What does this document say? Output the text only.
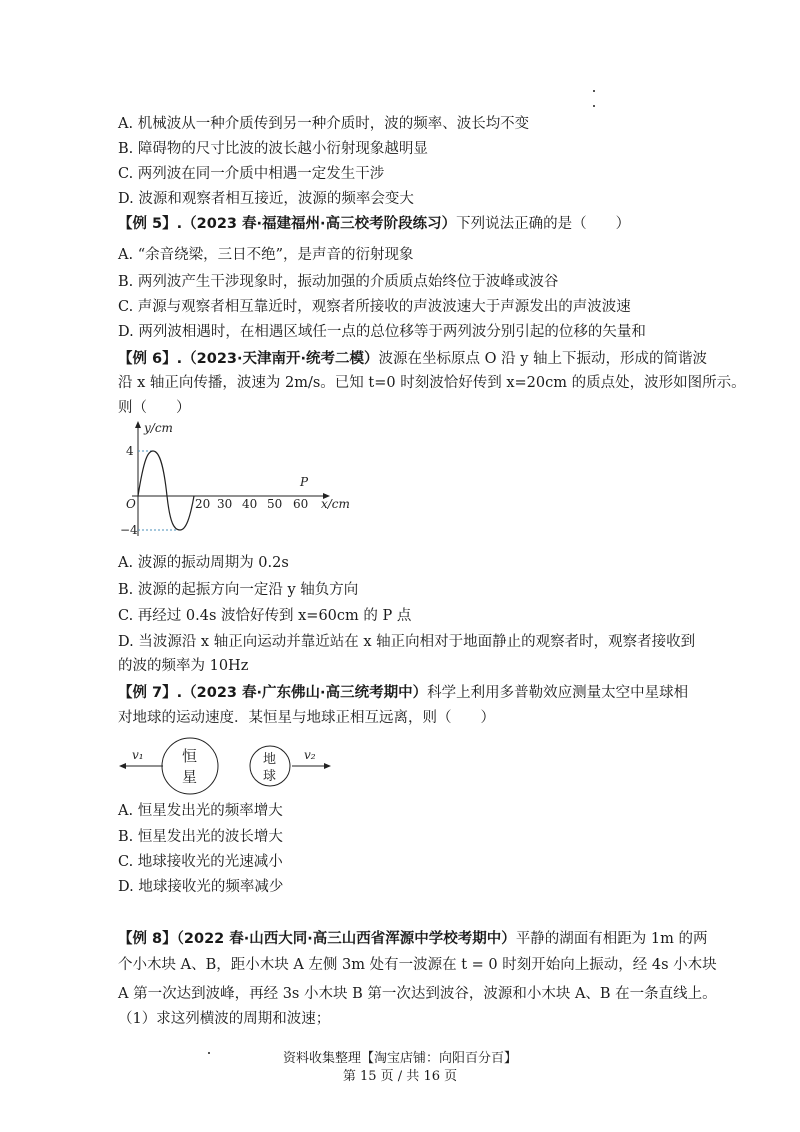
A. 机械波从一种介质传到另一种介质时，波的频率、波长均不变
B. 障碍物的尺寸比波的波长越小衍射现象越明显
C. 两列波在同一介质中相遇一定发生干涉
D. 波源和观察者相互接近，波源的频率会变大
【例 5】.（2023 春·福建福州·高三校考阶段练习）下列说法正确的是（　　）
A. “余音绕梁，三日不绝”，是声音的衍射现象
B. 两列波产生干涉现象时，振动加强的介质质点始终位于波峰或波谷
C. 声源与观察者相互靠近时，观察者所接收的声波波速大于声源发出的声波波速
D. 两列波相遇时，在相遇区域任一点的总位移等于两列波分别引起的位移的矢量和
【例 6】.（2023·天津南开·统考二模）波源在坐标原点 O 沿 y 轴上下振动，形成的简谐波
沿 x 轴正向传播，波速为 2m/s。已知 t=0 时刻波恰好传到 x=20cm 的质点处，波形如图所示。
则（　　）
y/cm
4
−4
O	20 30 40 50 60 x/cm
P
A. 波源的振动周期为 0.2s
B. 波源的起振方向一定沿 y 轴负方向
C. 再经过 0.4s 波恰好传到 x=60cm 的 P 点
D. 当波源沿 x 轴正向运动并靠近站在 x 轴正向相对于地面静止的观察者时，观察者接收到
的波的频率为 10Hz
【例 7】.（2023 春·广东佛山·高三统考期中）科学上利用多普勒效应测量太空中星球相
对地球的运动速度．某恒星与地球正相互远离，则（　　）
v₁	恒
星
地
球
v₂
A. 恒星发出光的频率增大
B. 恒星发出光的波长增大
C. 地球接收光的光速减小
D. 地球接收光的频率减少
【例 8】（2022 春·山西大同·高三山西省浑源中学校考期中）平静的湖面有相距为 1m 的两
个小木块 A、B，距小木块 A 左侧 3m 处有一波源在 t = 0 时刻开始向上振动，经 4s 小木块
A 第一次达到波峰，再经 3s 小木块 B 第一次达到波谷，波源和小木块 A、B 在一条直线上。
（1）求这列横波的周期和波速；
资料收集整理【淘宝店铺：向阳百分百】
第 15 页 / 共 16 页
